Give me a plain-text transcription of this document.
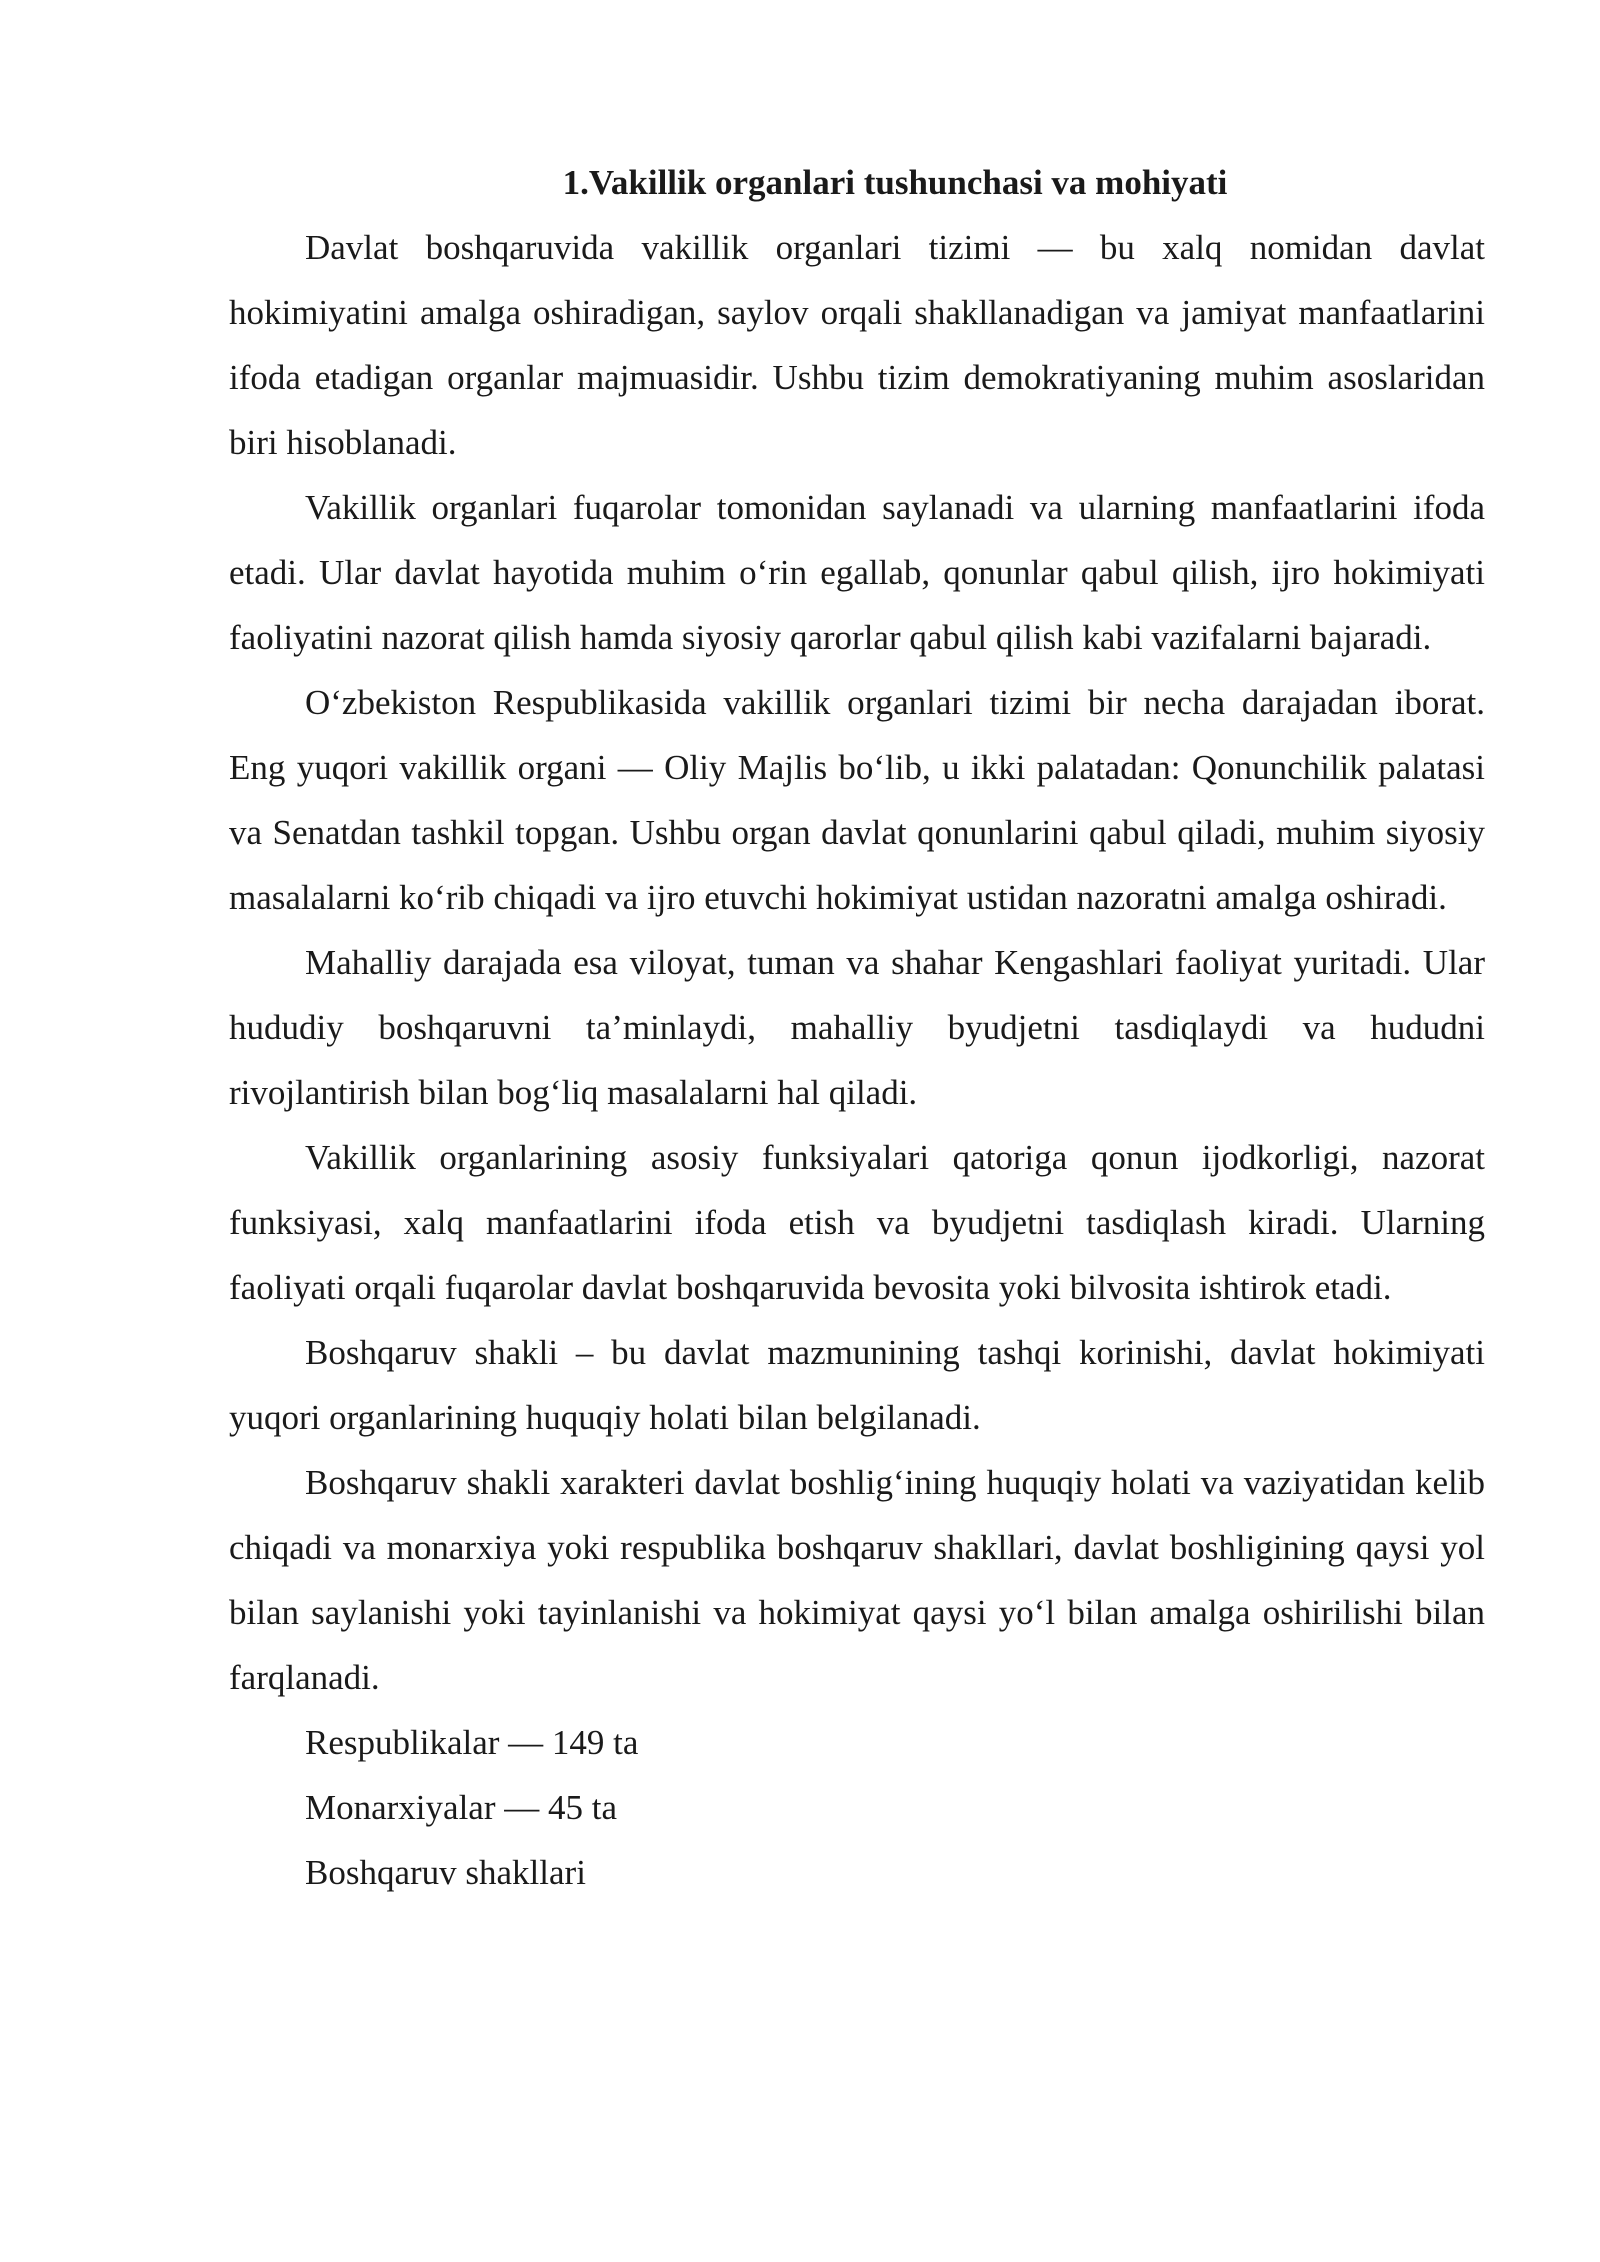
1.Vakillik organlari tushunchasi va mohiyati

Davlat boshqaruvida vakillik organlari tizimi — bu xalq nomidan davlat hokimiyatini amalga oshiradigan, saylov orqali shakllanadigan va jamiyat manfaatlarini ifoda etadigan organlar majmuasidir. Ushbu tizim demokratiyaning muhim asoslaridan biri hisoblanadi.

Vakillik organlari fuqarolar tomonidan saylanadi va ularning manfaatlarini ifoda etadi. Ular davlat hayotida muhim o‘rin egallab, qonunlar qabul qilish, ijro hokimiyati faoliyatini nazorat qilish hamda siyosiy qarorlar qabul qilish kabi vazifalarni bajaradi.

O‘zbekiston Respublikasida vakillik organlari tizimi bir necha darajadan iborat. Eng yuqori vakillik organi — Oliy Majlis bo‘lib, u ikki palatadan: Qonunchilik palatasi va Senatdan tashkil topgan. Ushbu organ davlat qonunlarini qabul qiladi, muhim siyosiy masalalarni ko‘rib chiqadi va ijro etuvchi hokimiyat ustidan nazoratni amalga oshiradi.

Mahalliy darajada esa viloyat, tuman va shahar Kengashlari faoliyat yuritadi. Ular hududiy boshqaruvni ta’minlaydi, mahalliy byudjetni tasdiqlaydi va hududni rivojlantirish bilan bog‘liq masalalarni hal qiladi.

Vakillik organlarining asosiy funksiyalari qatoriga qonun ijodkorligi, nazorat funksiyasi, xalq manfaatlarini ifoda etish va byudjetni tasdiqlash kiradi. Ularning faoliyati orqali fuqarolar davlat boshqaruvida bevosita yoki bilvosita ishtirok etadi.

Boshqaruv shakli – bu davlat mazmunining tashqi korinishi, davlat hokimiyati yuqori organlarining huquqiy holati bilan belgilanadi.

Boshqaruv shakli xarakteri davlat boshlig‘ining huquqiy holati va vaziyatidan kelib chiqadi va monarxiya yoki respublika boshqaruv shakllari, davlat boshligining qaysi yol bilan saylanishi yoki tayinlanishi va hokimiyat qaysi yo‘l bilan amalga oshirilishi bilan farqlanadi.

Respublikalar — 149 ta

Monarxiyalar — 45 ta

Boshqaruv shakllari
